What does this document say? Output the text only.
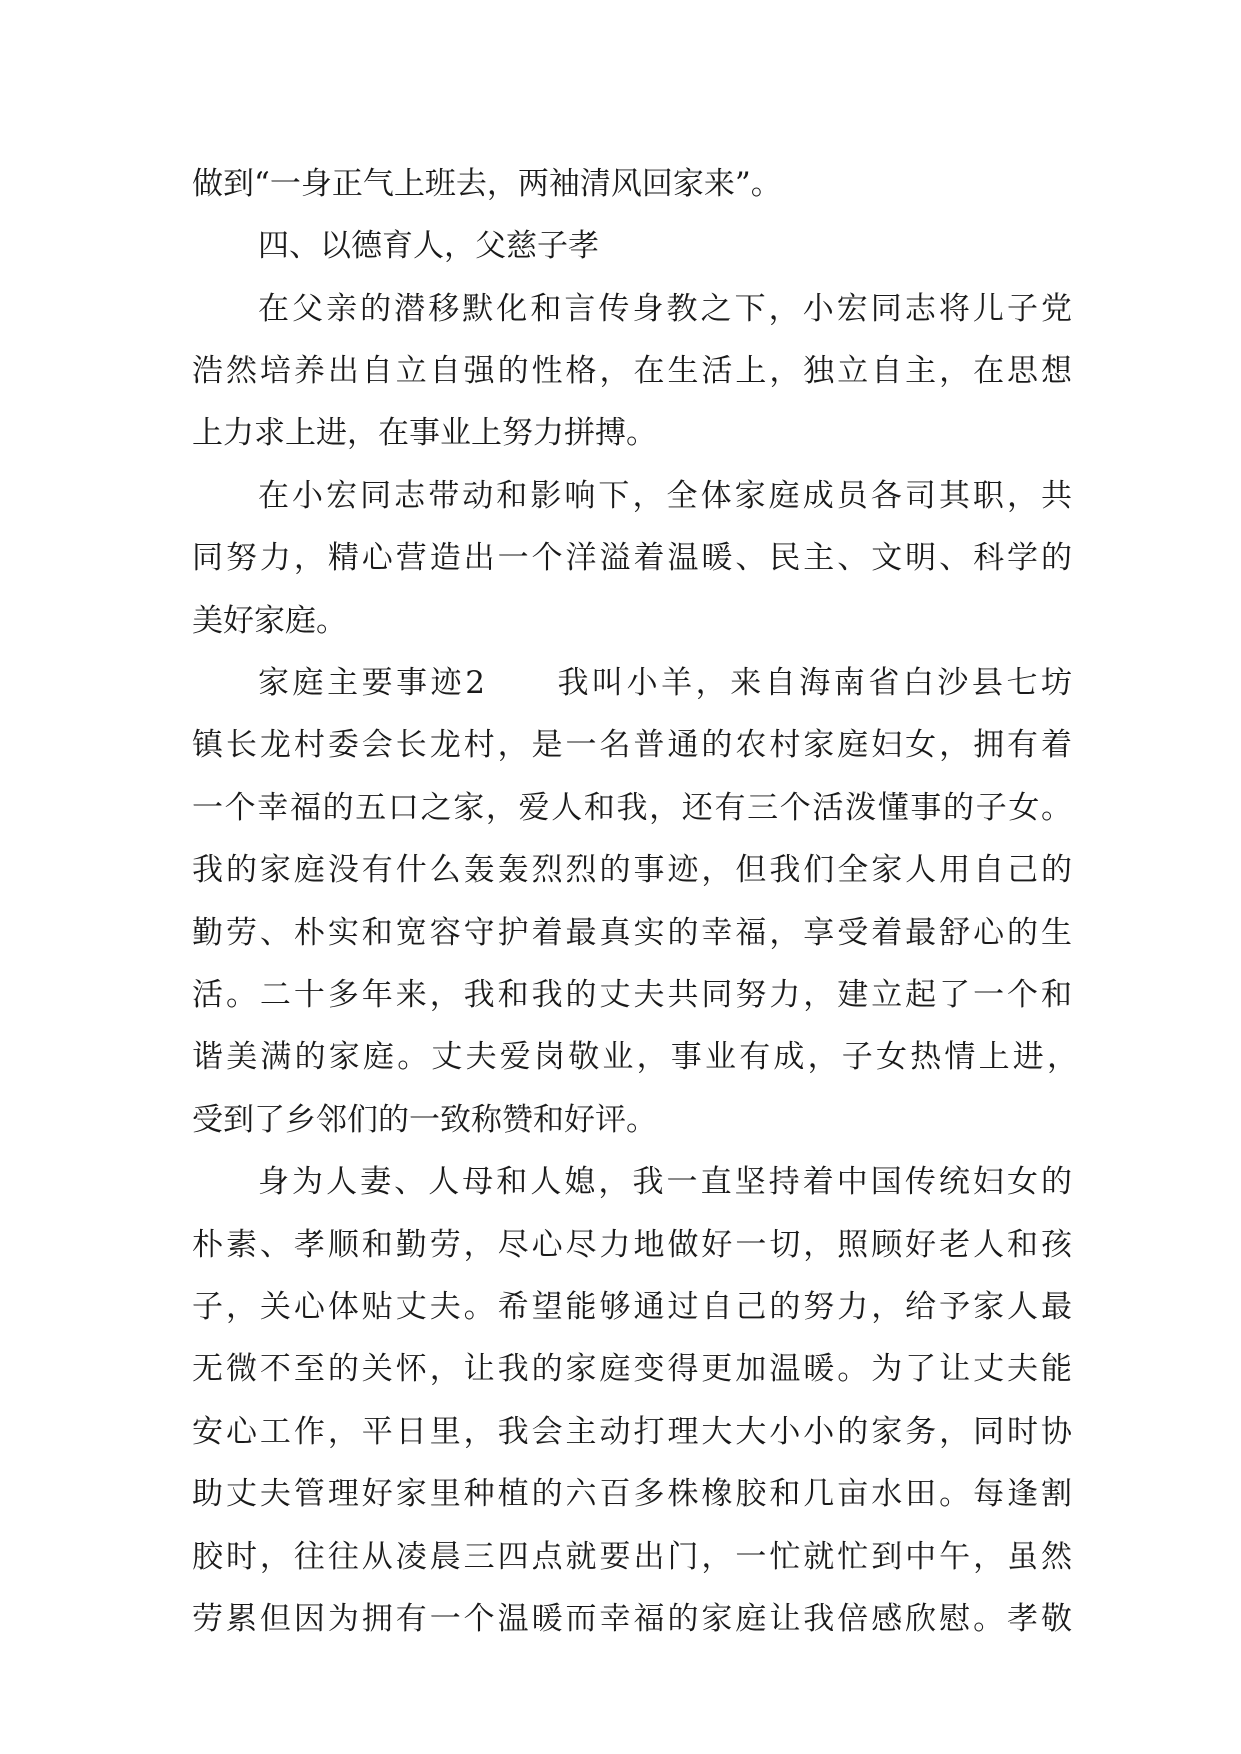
做到“一身正气上班去，两袖清风回家来”。
四、以德育人，父慈子孝
在父亲的潜移默化和言传身教之下，小宏同志将儿子党
浩然培养出自立自强的性格，在生活上，独立自主，在思想
上力求上进，在事业上努力拼搏。
在小宏同志带动和影响下，全体家庭成员各司其职，共
同努力，精心营造出一个洋溢着温暖、民主、文明、科学的
美好家庭。
家庭主要事迹2　　我叫小羊，来自海南省白沙县七坊
镇长龙村委会长龙村，是一名普通的农村家庭妇女，拥有着
一个幸福的五口之家，爱人和我，还有三个活泼懂事的子女。
我的家庭没有什么轰轰烈烈的事迹，但我们全家人用自己的
勤劳、朴实和宽容守护着最真实的幸福，享受着最舒心的生
活。二十多年来，我和我的丈夫共同努力，建立起了一个和
谐美满的家庭。丈夫爱岗敬业，事业有成，子女热情上进，
受到了乡邻们的一致称赞和好评。
身为人妻、人母和人媳，我一直坚持着中国传统妇女的
朴素、孝顺和勤劳，尽心尽力地做好一切，照顾好老人和孩
子，关心体贴丈夫。希望能够通过自己的努力，给予家人最
无微不至的关怀，让我的家庭变得更加温暖。为了让丈夫能
安心工作，平日里，我会主动打理大大小小的家务，同时协
助丈夫管理好家里种植的六百多株橡胶和几亩水田。每逢割
胶时，往往从凌晨三四点就要出门，一忙就忙到中午，虽然
劳累但因为拥有一个温暖而幸福的家庭让我倍感欣慰。孝敬
